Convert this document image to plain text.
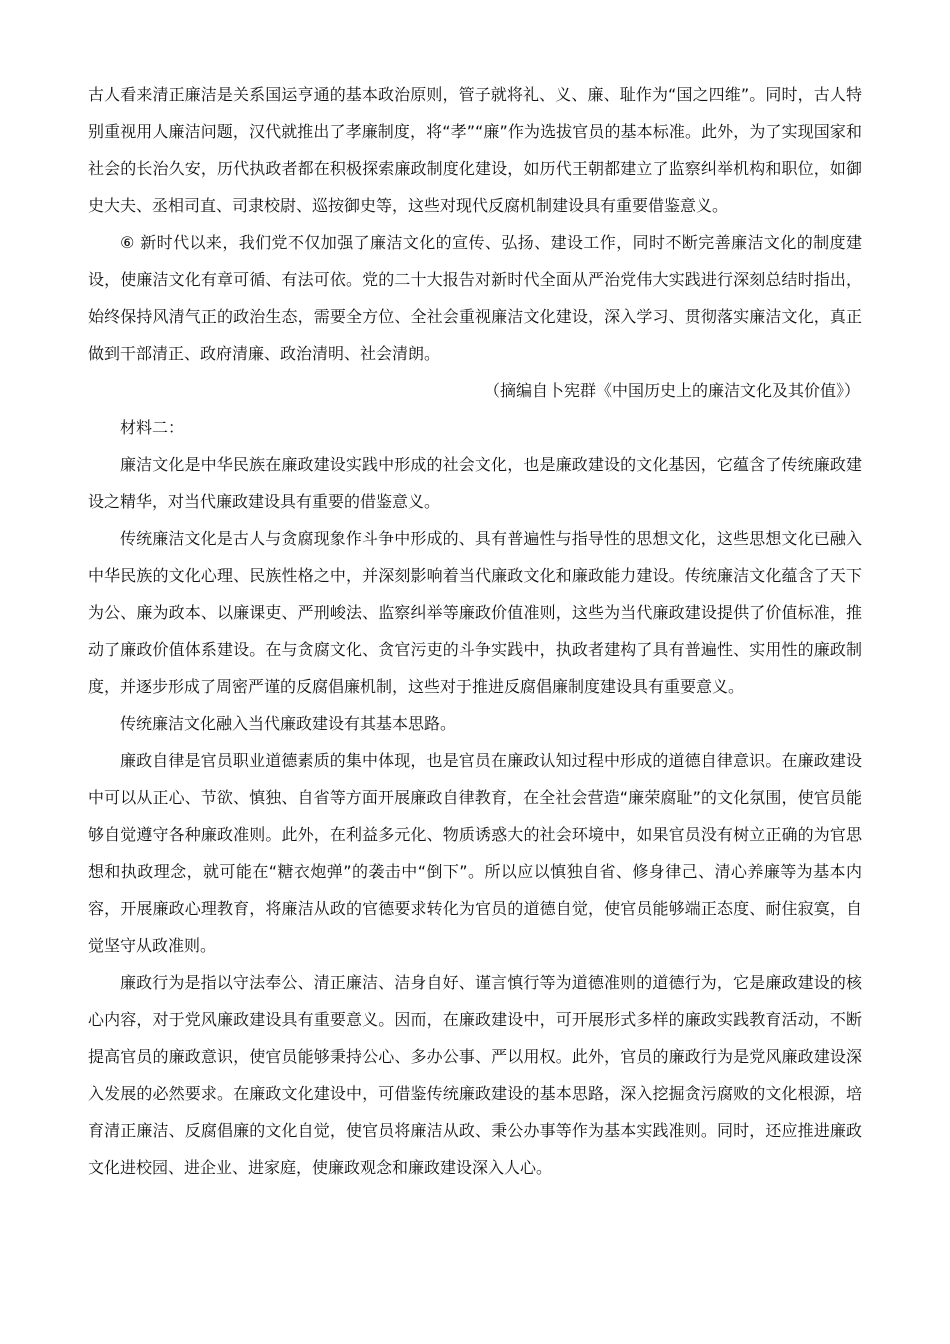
古人看来清正廉洁是关系国运亨通的基本政治原则，管子就将礼、义、廉、耻作为“国之四维”。同时，古人特别重视用人廉洁问题，汉代就推出了孝廉制度，将“孝”“廉”作为选拔官员的基本标准。此外，为了实现国家和社会的长治久安，历代执政者都在积极探索廉政制度化建设，如历代王朝都建立了监察纠举机构和职位，如御史大夫、丞相司直、司隶校尉、巡按御史等，这些对现代反腐机制建设具有重要借鉴意义。

⑥ 新时代以来，我们党不仅加强了廉洁文化的宣传、弘扬、建设工作，同时不断完善廉洁文化的制度建设，使廉洁文化有章可循、有法可依。党的二十大报告对新时代全面从严治党伟大实践进行深刻总结时指出，始终保持风清气正的政治生态，需要全方位、全社会重视廉洁文化建设，深入学习、贯彻落实廉洁文化，真正做到干部清正、政府清廉、政治清明、社会清朗。

（摘编自卜宪群《中国历史上的廉洁文化及其价值》）

材料二：

廉洁文化是中华民族在廉政建设实践中形成的社会文化，也是廉政建设的文化基因，它蕴含了传统廉政建设之精华，对当代廉政建设具有重要的借鉴意义。

传统廉洁文化是古人与贪腐现象作斗争中形成的、具有普遍性与指导性的思想文化，这些思想文化已融入中华民族的文化心理、民族性格之中，并深刻影响着当代廉政文化和廉政能力建设。传统廉洁文化蕴含了天下为公、廉为政本、以廉课吏、严刑峻法、监察纠举等廉政价值准则，这些为当代廉政建设提供了价值标准，推动了廉政价值体系建设。在与贪腐文化、贪官污吏的斗争实践中，执政者建构了具有普遍性、实用性的廉政制度，并逐步形成了周密严谨的反腐倡廉机制，这些对于推进反腐倡廉制度建设具有重要意义。

传统廉洁文化融入当代廉政建设有其基本思路。

廉政自律是官员职业道德素质的集中体现，也是官员在廉政认知过程中形成的道德自律意识。在廉政建设中可以从正心、节欲、慎独、自省等方面开展廉政自律教育，在全社会营造“廉荣腐耻”的文化氛围，使官员能够自觉遵守各种廉政准则。此外，在利益多元化、物质诱惑大的社会环境中，如果官员没有树立正确的为官思想和执政理念，就可能在“糖衣炮弹”的袭击中“倒下”。所以应以慎独自省、修身律己、清心养廉等为基本内容，开展廉政心理教育，将廉洁从政的官德要求转化为官员的道德自觉，使官员能够端正态度、耐住寂寞，自觉坚守从政准则。

廉政行为是指以守法奉公、清正廉洁、洁身自好、谨言慎行等为道德准则的道德行为，它是廉政建设的核心内容，对于党风廉政建设具有重要意义。因而，在廉政建设中，可开展形式多样的廉政实践教育活动，不断提高官员的廉政意识，使官员能够秉持公心、多办公事、严以用权。此外，官员的廉政行为是党风廉政建设深入发展的必然要求。在廉政文化建设中，可借鉴传统廉政建设的基本思路，深入挖掘贪污腐败的文化根源，培育清正廉洁、反腐倡廉的文化自觉，使官员将廉洁从政、秉公办事等作为基本实践准则。同时，还应推进廉政文化进校园、进企业、进家庭，使廉政观念和廉政建设深入人心。
